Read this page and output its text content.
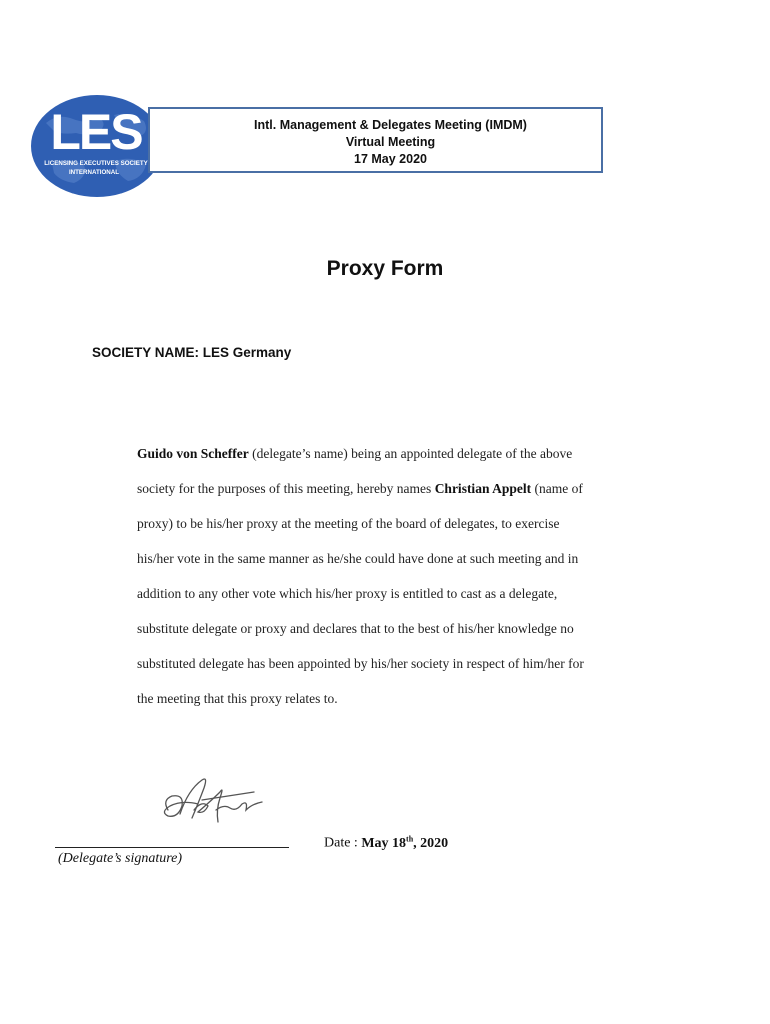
LES
LICENSING EXECUTIVES SOCIETY
INTERNATIONAL
Intl. Management & Delegates Meeting (IMDM)
Virtual Meeting
17 May 2020
Proxy Form
SOCIETY NAME: LES Germany
Guido von Scheffer (delegate’s name) being an appointed delegate of the above
society for the purposes of this meeting, hereby names Christian Appelt (name of
proxy) to be his/her proxy at the meeting of the board of delegates, to exercise
his/her vote in the same manner as he/she could have done at such meeting and in
addition to any other vote which his/her proxy is entitled to cast as a delegate,
substitute delegate or proxy and declares that to the best of his/her knowledge no
substituted delegate has been appointed by his/her society in respect of him/her for
the meeting that this proxy relates to.
(Delegate’s signature)
Date : May 18th, 2020
